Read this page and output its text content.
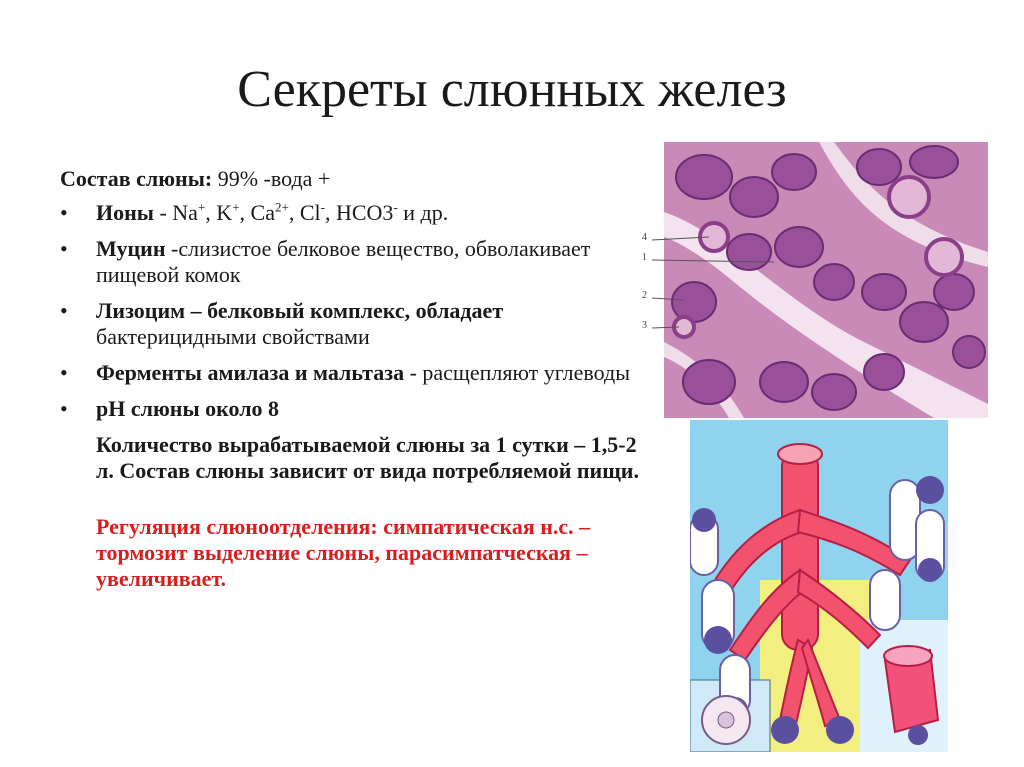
Секреты слюнных желез
Состав слюны: 99% -вода +
• Ионы - Na+, K+, $Ca^{2+}$, Cl-, HCO3- и др.
• Муцин -слизистое белковое вещество, обволакивает пищевой комок
• Лизоцим – белковый комплекс, обладает бактерицидными свойствами
• Ферменты амилаза и мальтаза - расщепляют углеводы
• pH слюны около 8
Количество вырабатываемой слюны за 1 сутки – 1,5-2 л. Состав слюны зависит от вида потребляемой пищи.
Регуляция слюноотделения: симпатическая н.с. – тормозит выделение слюны, парасимпатческая – увеличивает.
4
1
2
3
